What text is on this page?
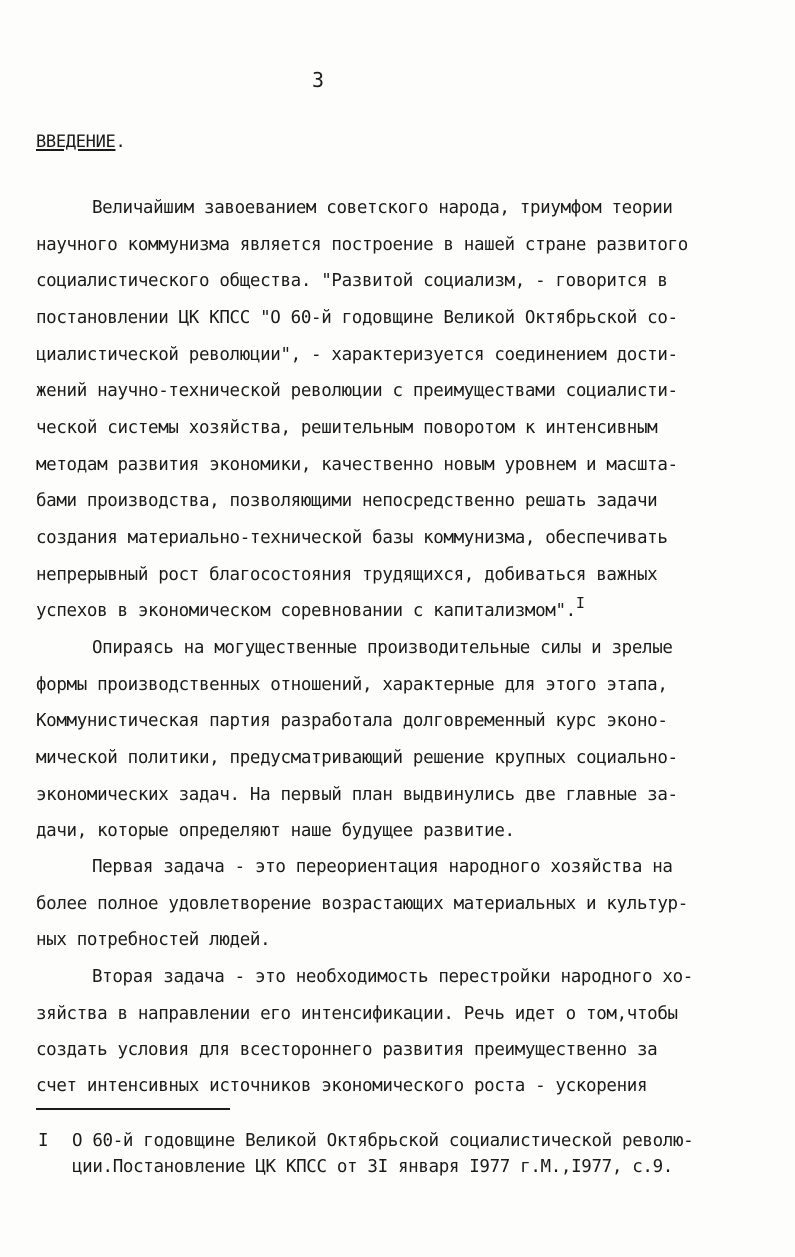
3
ВВЕДЕНИЕ.
Величайшим завоеванием советского народа, триумфом теории
научного коммунизма является построение в нашей стране развитого
социалистического общества. "Развитой социализм, - говорится в
постановлении ЦК КПСС "О 60-й годовщине Великой Октябрьской со-
циалистической революции", - характеризуется соединением дости-
жений научно-технической революции с преимуществами социалисти-
ческой системы хозяйства, решительным поворотом к интенсивным
методам развития экономики, качественно новым уровнем и масшта-
бами производства, позволяющими непосредственно решать задачи
создания материально-технической базы коммунизма, обеспечивать
непрерывный рост благосостояния трудящихся, добиваться важных
успехов в экономическом соревновании с капитализмом".I
Опираясь на могущественные производительные силы и зрелые
формы производственных отношений, характерные для этого этапа,
Коммунистическая партия разработала долговременный курс эконо-
мической политики, предусматривающий решение крупных социально-
экономических задач. На первый план выдвинулись две главные за-
дачи, которые определяют наше будущее развитие.
Первая задача - это переориентация народного хозяйства на
более полное удовлетворение возрастающих материальных и культур-
ных потребностей людей.
Вторая задача - это необходимость перестройки народного хо-
зяйства в направлении его интенсификации. Речь идет о том,чтобы
создать условия для всестороннего развития преимущественно за
счет интенсивных источников экономического роста - ускорения
I О 60-й годовщине Великой Октябрьской социалистической револю-
ции.Постановление ЦК КПСС от 3I января I977 г.М.,I977, с.9.
